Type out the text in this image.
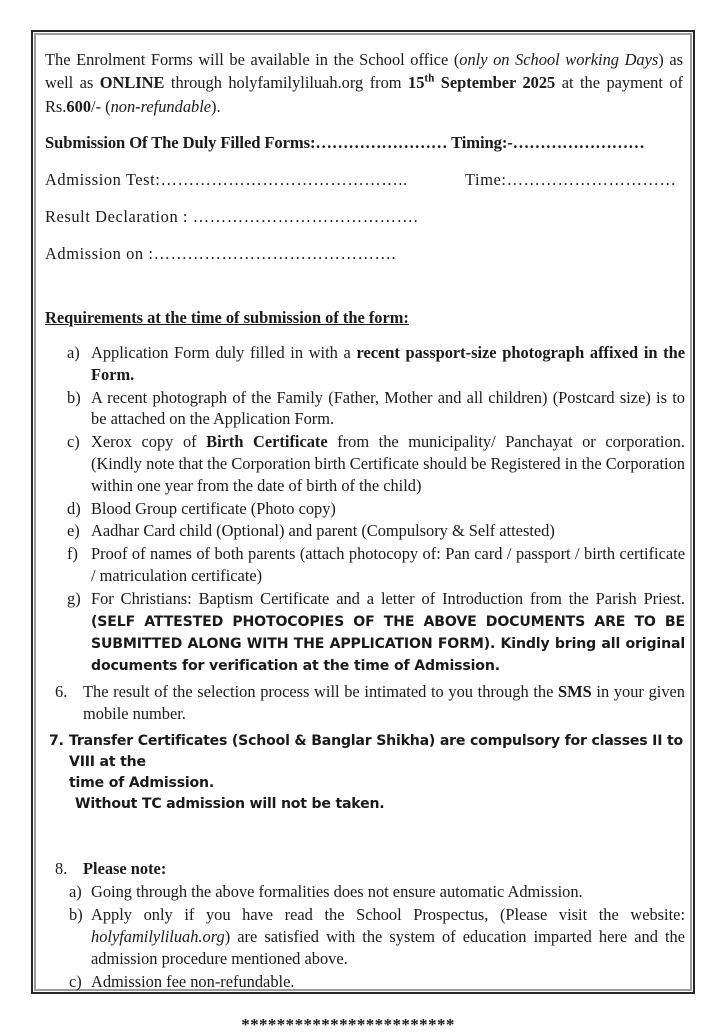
The Enrolment Forms will be available in the School office (only on School working Days) as well as ONLINE through holyfamilyliluah.org from 15th September 2025 at the payment of Rs.600/- (non-refundable).

Submission Of The Duly Filled Forms:…………………… Timing:-……………………
Admission Test:……………………………………..	Time:…………………………
Result Declaration : ………………………………….
Admission on :…………………………………….
Requirements at the time of submission of the form:
a) Application Form duly filled in with a recent passport-size photograph affixed in the Form.
b) A recent photograph of the Family (Father, Mother and all children) (Postcard size) is to be attached on the Application Form.
c) Xerox copy of Birth Certificate from the municipality/ Panchayat or corporation. (Kindly note that the Corporation birth Certificate should be Registered in the Corporation within one year from the date of birth of the child)
d) Blood Group certificate (Photo copy)
e) Aadhar Card child (Optional) and parent (Compulsory & Self attested)
f) Proof of names of both parents (attach photocopy of: Pan card / passport / birth certificate / matriculation certificate)
g) For Christians: Baptism Certificate and a letter of Introduction from the Parish Priest. (SELF ATTESTED PHOTOCOPIES OF THE ABOVE DOCUMENTS ARE TO BE SUBMITTED ALONG WITH THE APPLICATION FORM). Kindly bring all original documents for verification at the time of Admission.
6. The result of the selection process will be intimated to you through the SMS in your given mobile number.
7. Transfer Certificates (School & Banglar Shikha) are compulsory for classes II to VIII at the
time of Admission.
Without TC admission will not be taken.
8. Please note:
a) Going through the above formalities does not ensure automatic Admission.
b) Apply only if you have read the School Prospectus, (Please visit the website: holyfamilyliluah.org) are satisfied with the system of education imparted here and the admission procedure mentioned above.
c) Admission fee non-refundable.
************************
